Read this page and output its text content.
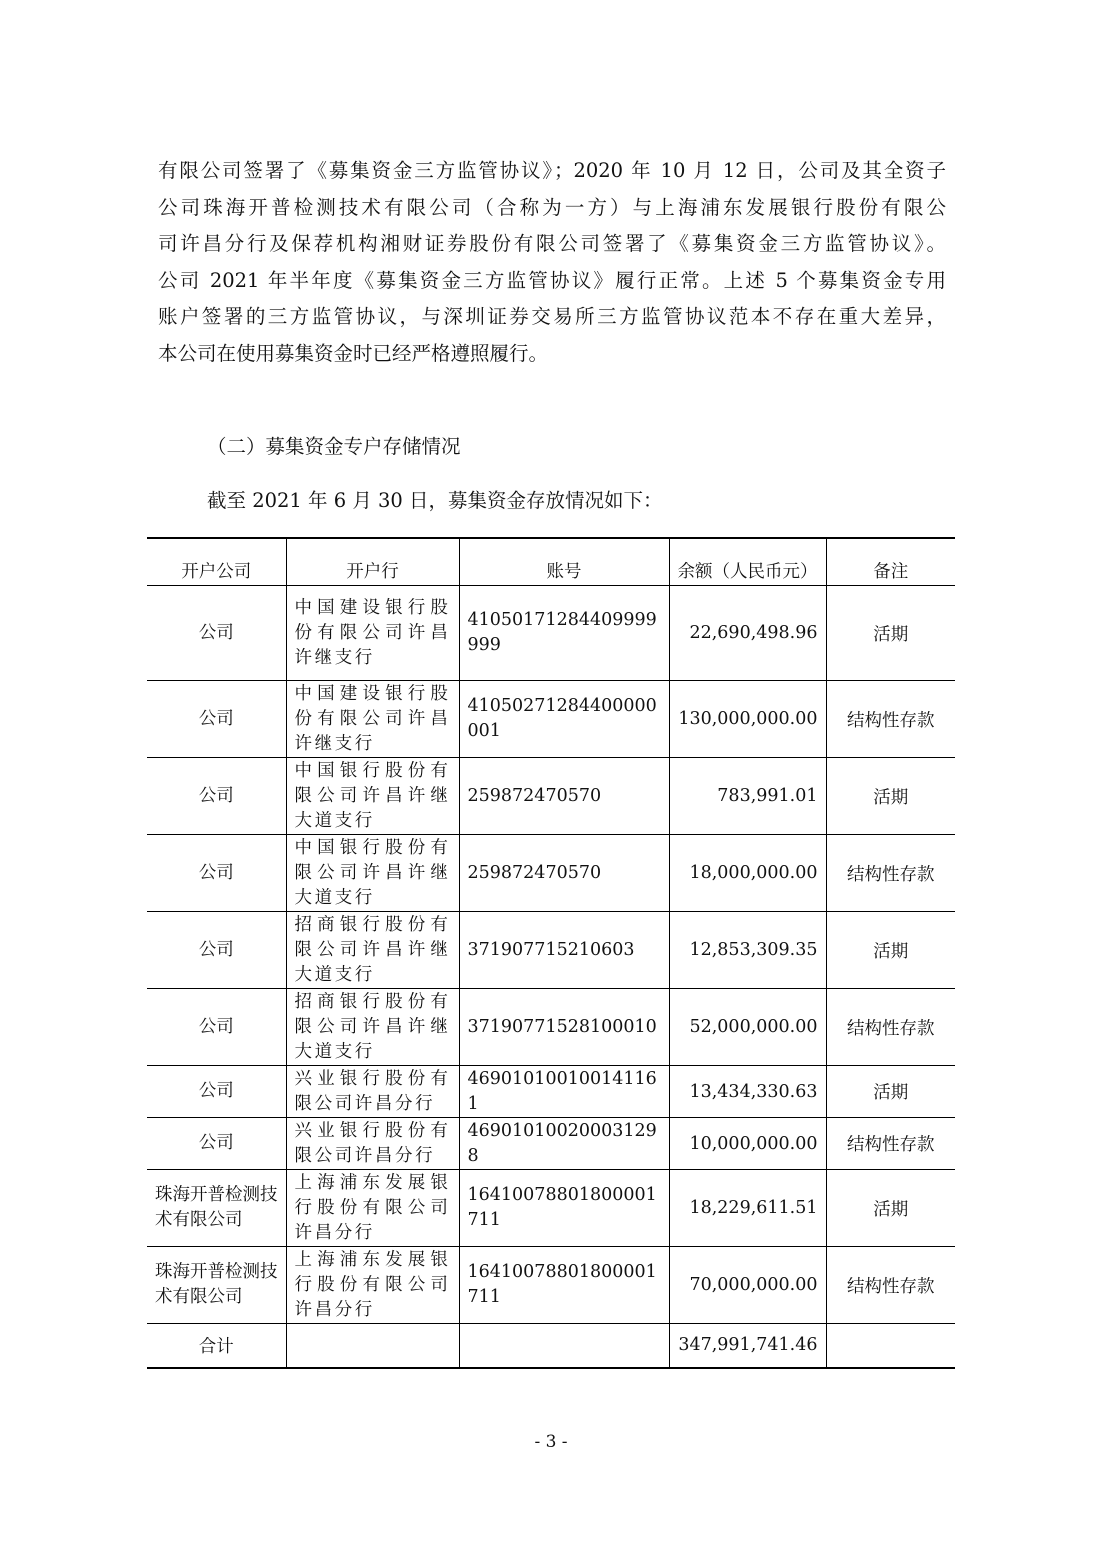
有限公司签署了《募集资金三方监管协议》；2020 年 10 月 12 日，公司及其全资子
公司珠海开普检测技术有限公司（合称为一方）与上海浦东发展银行股份有限公
司许昌分行及保荐机构湘财证券股份有限公司签署了《募集资金三方监管协议》。
公司 2021 年半年度《募集资金三方监管协议》履行正常。上述 5 个募集资金专用
账户签署的三方监管协议，与深圳证券交易所三方监管协议范本不存在重大差异，
本公司在使用募集资金时已经严格遵照履行。
（二）募集资金专户存储情况
截至 2021 年 6 月 30 日，募集资金存放情况如下：
开户公司	开户行	账号	余额（人民币元）	备注
公司	中国建设银行股份有限公司许昌许继支行	41050171284409999999	22,690,498.96	活期
公司	中国建设银行股份有限公司许昌许继支行	41050271284400000001	130,000,000.00	结构性存款
公司	中国银行股份有限公司许昌许继大道支行	259872470570	783,991.01	活期
公司	中国银行股份有限公司许昌许继大道支行	259872470570	18,000,000.00	结构性存款
公司	招商银行股份有限公司许昌许继大道支行	371907715210603	12,853,309.35	活期
公司	招商银行股份有限公司许昌许继大道支行	37190771528100010	52,000,000.00	结构性存款
公司	兴业银行股份有限公司许昌分行	469010100100141161	13,434,330.63	活期
公司	兴业银行股份有限公司许昌分行	469010100200031298	10,000,000.00	结构性存款
珠海开普检测技术有限公司	上海浦东发展银行股份有限公司许昌分行	16410078801800001711	18,229,611.51	活期
珠海开普检测技术有限公司	上海浦东发展银行股份有限公司许昌分行	16410078801800001711	70,000,000.00	结构性存款
合计			347,991,741.46	
- 3 -
